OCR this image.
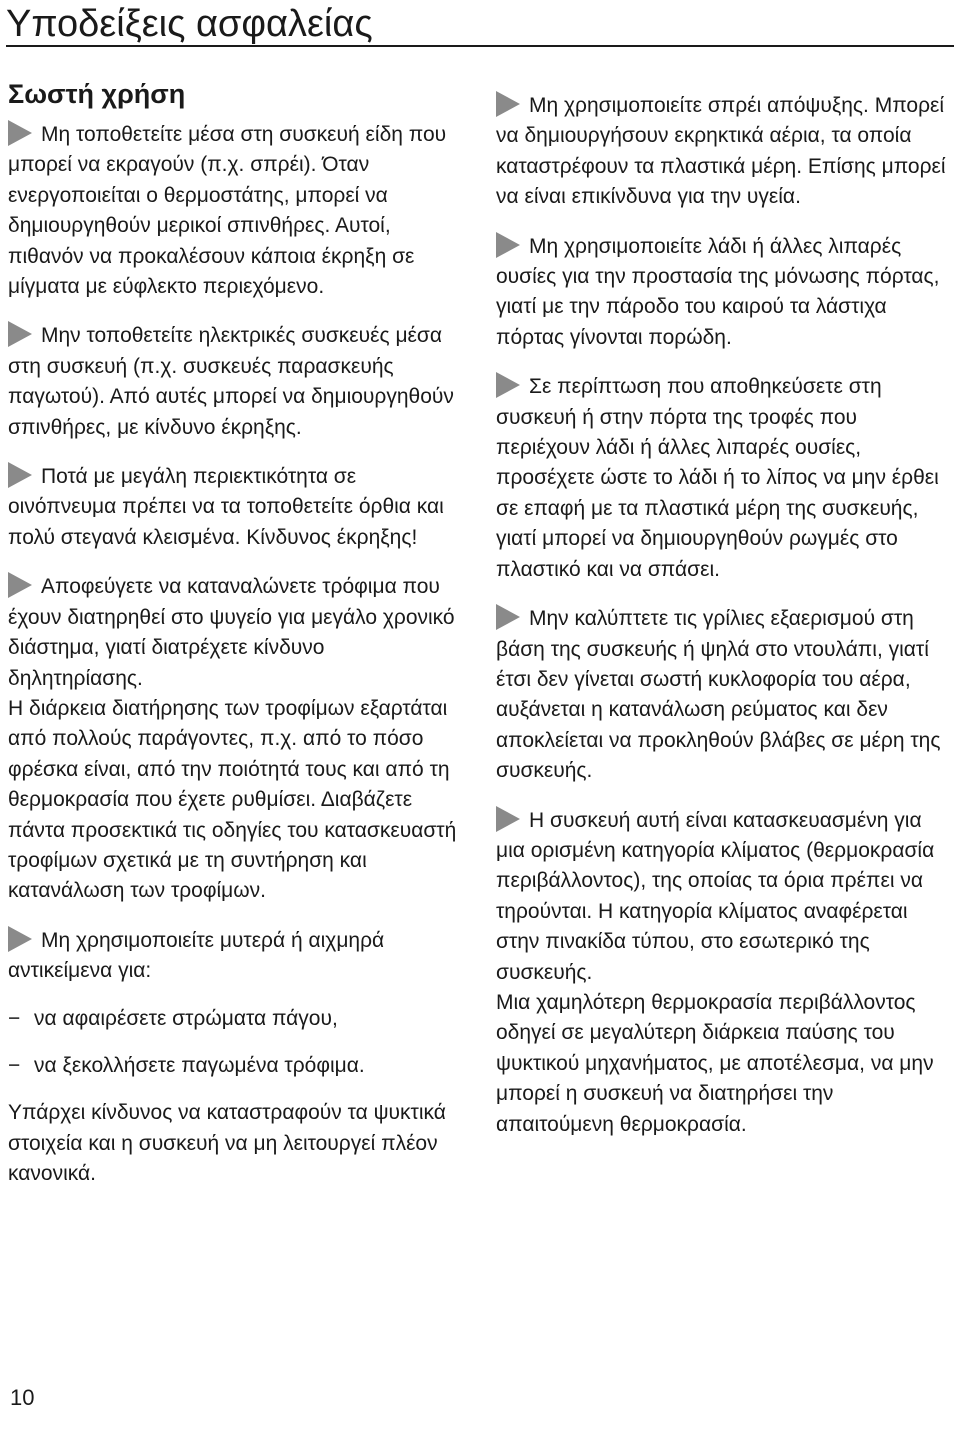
Υποδείξεις ασφαλείας
Σωστή χρήση

Μη τοποθετείτε μέσα στη συσκευή είδη που μπορεί να εκραγούν (π.χ. σπρέι). Όταν ενεργοποιείται ο θερμοστάτης, μπορεί να δημιουργηθούν μερικοί σπινθήρες. Αυτοί, πιθανόν να προκαλέσουν κάποια έκρηξη σε μίγματα με εύφλεκτο περιεχόμενο.

Μην τοποθετείτε ηλεκτρικές συσκευές μέσα στη συσκευή (π.χ. συσκευές παρασκευής παγωτού). Από αυτές μπορεί να δημιουργηθούν σπινθήρες, με κίνδυνο έκρηξης.

Ποτά με μεγάλη περιεκτικότητα σε οινόπνευμα πρέπει να τα τοποθετείτε όρθια και πολύ στεγανά κλεισμένα. Κίνδυνος έκρηξης!

Αποφεύγετε να καταναλώνετε τρόφιμα που έχουν διατηρηθεί στο ψυγείο για μεγάλο χρονικό διάστημα, γιατί διατρέχετε κίνδυνο δηλητηρίασης.
Η διάρκεια διατήρησης των τροφίμων εξαρτάται από πολλούς παράγοντες, π.χ. από το πόσο φρέσκα είναι, από την ποιότητά τους και από τη θερμοκρασία που έχετε ρυθμίσει. Διαβάζετε πάντα προσεκτικά τις οδηγίες του κατασκευαστή τροφίμων σχετικά με τη συντήρηση και κατανάλωση των τροφίμων.

Μη χρησιμοποιείτε μυτερά ή αιχμηρά αντικείμενα για:

− να αφαιρέσετε στρώματα πάγου,

− να ξεκολλήσετε παγωμένα τρόφιμα.

Υπάρχει κίνδυνος να καταστραφούν τα ψυκτικά στοιχεία και η συσκευή να μη λειτουργεί πλέον κανονικά.

Μη χρησιμοποιείτε σπρέι απόψυξης. Μπορεί να δημιουργήσουν εκρηκτικά αέρια, τα οποία καταστρέφουν τα πλαστικά μέρη. Επίσης μπορεί να είναι επικίνδυνα για την υγεία.

Μη χρησιμοποιείτε λάδι ή άλλες λιπαρές ουσίες για την προστασία της μόνωσης πόρτας, γιατί με την πάροδο του καιρού τα λάστιχα πόρτας γίνονται πορώδη.

Σε περίπτωση που αποθηκεύσετε στη συσκευή ή στην πόρτα της τροφές που περιέχουν λάδι ή άλλες λιπαρές ουσίες, προσέχετε ώστε το λάδι ή το λίπος να μην έρθει σε επαφή με τα πλαστικά μέρη της συσκευής, γιατί μπορεί να δημιουργηθούν ρωγμές στο πλαστικό και να σπάσει.

Μην καλύπτετε τις γρίλιες εξαερισμού στη βάση της συσκευής ή ψηλά στο ντουλάπι, γιατί έτσι δεν γίνεται σωστή κυκλοφορία του αέρα, αυξάνεται η κατανάλωση ρεύματος και δεν αποκλείεται να προκληθούν βλάβες σε μέρη της συσκευής.

Η συσκευή αυτή είναι κατασκευασμένη για μια ορισμένη κατηγορία κλίματος (θερμοκρασία περιβάλλοντος), της οποίας τα όρια πρέπει να τηρούνται. Η κατηγορία κλίματος αναφέρεται στην πινακίδα τύπου, στο εσωτερικό της συσκευής.
Μια χαμηλότερη θερμοκρασία περιβάλλοντος οδηγεί σε μεγαλύτερη διάρκεια παύσης του ψυκτικού μηχανήματος, με αποτέλεσμα, να μην μπορεί η συσκευή να διατηρήσει την απαιτούμενη θερμοκρασία.

10
